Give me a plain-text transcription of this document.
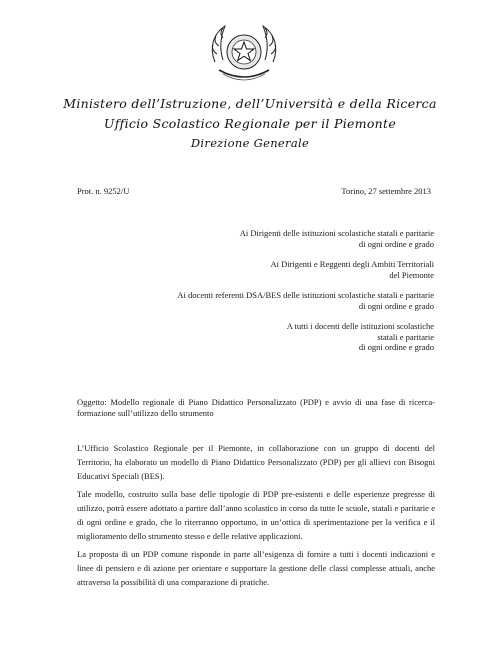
Ministero dell’Istruzione, dell’Università e della Ricerca
Ufficio Scolastico Regionale per il Piemonte
Direzione Generale
Prot. n. 9252/U	Torino, 27 settembre 2013
Ai Dirigenti delle istituzioni scolastiche statali e paritarie
di ogni ordine e grado
Ai Dirigenti e Reggenti degli Ambiti Territoriali
del Piemonte
Ai docenti referenti DSA/BES delle istituzioni scolastiche statali e paritarie
di ogni ordine e grado
A tutti i docenti delle istituzioni scolastiche
statali e paritarie
di ogni ordine e grado
Oggetto: Modello regionale di Piano Didattico Personalizzato (PDP) e avvio di una fase di ricerca-formazione sull’utilizzo dello strumento

L’Ufficio Scolastico Regionale per il Piemonte, in collaborazione con un gruppo di docenti del Territorio, ha elaborato un modello di Piano Didattico Personalizzato (PDP) per gli allievi con Bisogni Educativi Speciali (BES).

Tale modello, costruito sulla base delle tipologie di PDP pre-esistenti e delle esperienze pregresse di utilizzo, potrà essere adottato a partire dall’anno scolastico in corso da tutte le scuole, statali e paritarie e di ogni ordine e grado, che lo riterranno opportuno, in un’ottica di sperimentazione per la verifica e il miglioramento dello strumento stesso e delle relative applicazioni.

La proposta di un PDP comune risponde in parte all’esigenza di fornire a tutti i docenti indicazioni e linee di pensiero e di azione per orientare e supportare la gestione delle classi complesse attuali, anche attraverso la possibilità di una comparazione di pratiche.
